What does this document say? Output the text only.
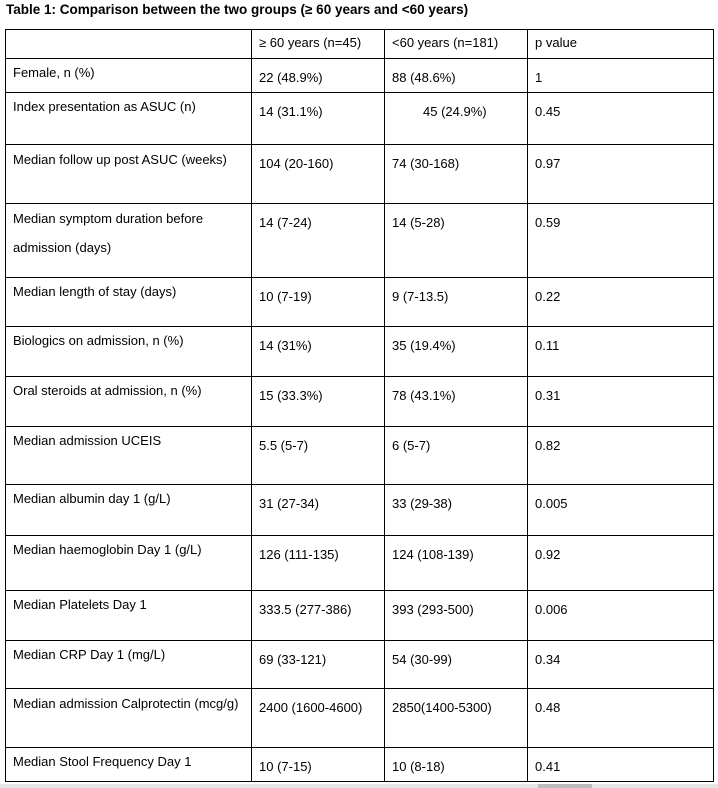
Table 1: Comparison between the two groups (≥ 60 years and <60 years)
	≥ 60 years (n=45)	<60 years (n=181)	p value
Female, n (%)	22 (48.9%)	88 (48.6%)	1
Index presentation as ASUC (n)	14 (31.1%)	45 (24.9%)	0.45
Median follow up post ASUC (weeks)	104 (20-160)	74 (30-168)	0.97
Median symptom duration before admission (days)	14 (7-24)	14 (5-28)	0.59
Median length of stay (days)	10 (7-19)	9 (7-13.5)	0.22
Biologics on admission, n (%)	14 (31%)	35 (19.4%)	0.11
Oral steroids at admission, n (%)	15 (33.3%)	78 (43.1%)	0.31
Median admission UCEIS	5.5 (5-7)	6 (5-7)	0.82
Median albumin day 1 (g/L)	31 (27-34)	33 (29-38)	0.005
Median haemoglobin Day 1 (g/L)	126 (111-135)	124 (108-139)	0.92
Median Platelets Day 1	333.5 (277-386)	393 (293-500)	0.006
Median CRP Day 1 (mg/L)	69 (33-121)	54 (30-99)	0.34
Median admission Calprotectin (mcg/g)	2400 (1600-4600)	2850(1400-5300)	0.48
Median Stool Frequency Day 1	10 (7-15)	10 (8-18)	0.41
